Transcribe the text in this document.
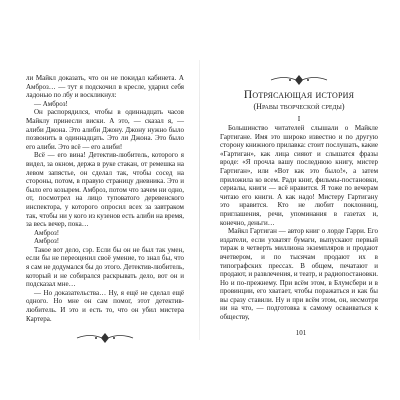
ли Майкл доказать, что он не покидал кабинета. А Амброз… — тут я подскочил в кресле, ударил себя ладонью по лбу и воскликнул:

— Амброз!

Он распорядился, чтобы в одиннадцать часов Майклу принесли виски. А это, — сказал я, — алиби Джона. Это алиби Джону. Джону нужно было позвонить в одиннадцать. Это ли Джона. Это было его алиби. Это всё — его алиби!

Всё — его вина! Детектив-любитель, которого я видел, за окном, держа в руке стакан, от ремешка на левом запястье, он сделал так, чтобы сосед на стороны, потом, в правую страницу дневника. Это и было его козырем. Амброз, потом что зачем ни одно, от, посмотрел на лицо туповатого деревенского инспектора, у которого опросил всех за завтраком так, чтобы ни у кого из кузенов есть алиби на время, за весь вечер, пока…

Амброз!

Амброз!

Такое вот дело, сэр. Если бы он не был так умен, если бы не переоценил своё умение, то знал бы, что я сам не додумался бы до этого. Детектив-любитель, который и не собирался раскрывать дело, вот он и подсказал мне…

— Но доказательства… Ну, я ещё не сделал ещё одного. Но мне он сам помог, этот детектив-любитель. И это и есть то, что он убил мистера Картера.

Потрясающая история
(Нравы творческой среды)
I

Большинство читателей слышали о Майкле Гартигане. Имя это широко известно и по другую сторону книжного прилавка: стоит послушать, какие «Гартиган», как лица сияют и слышатся фразы вроде: «Я прочла вашу последнюю книгу, мистер Гартиган», или «Вот как это было!», а затем приложила ко всем. Ради книг, фильмы-постановки, сериалы, книги — всё нравится. Я тоже по вечерам читаю его книги. А как надо! Мистеру Гартигану это нравится. Кто не любит поклонниц, приглашения, речи, упоминания в газетах и, конечно, деньги…

Майкл Гартиган — автор книг о лорде Гарри. Его издатели, если ухватят бумаги, выпускают первый тираж в четверть миллиона экземпляров и продают вчетвером, и по тысячам продают их в типографских прессах. В общем, печатают и продают, и развлечения, и театр, и радиопостановки. Но и по-прежнему. При всём этом, в Блумсбери и в провинции, его хватает, чтобы поражаться и как бы вы сразу ставили. Ну и при всём этом, он, несмотря ни на что, — подготовка к самому осваиваться к обществу,

101
